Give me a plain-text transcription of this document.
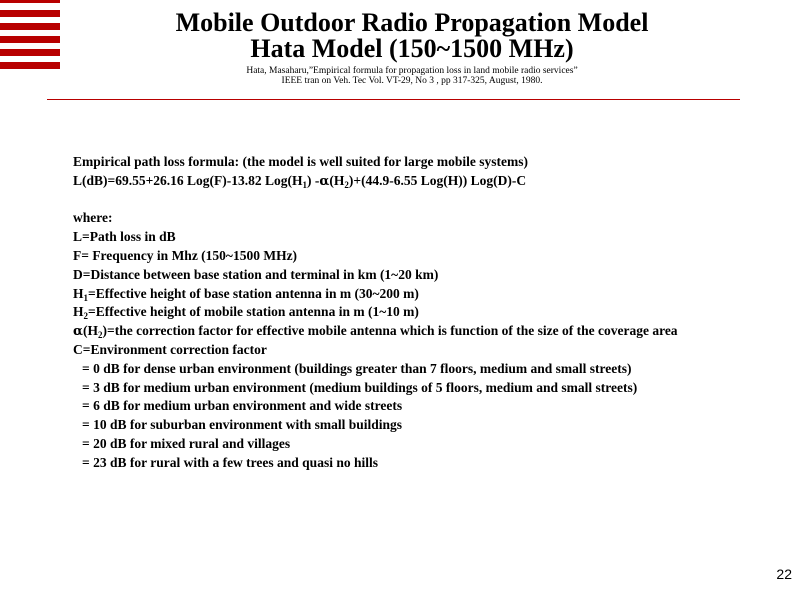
Mobile Outdoor Radio Propagation Model
Hata Model (150~1500 MHz)
Hata, Masaharu,”Empirical formula for propagation loss in land mobile radio services”
IEEE tran on Veh. Tec Vol. VT-29, No 3 , pp 317-325, August, 1980.
Empirical path loss formula: (the model is well suited for large mobile systems)
L(dB)=69.55+26.16 Log(F)-13.82 $Log(H_1)$ $-\alpha(H_2)+(44.9-6.55$ Log(H)) Log(D)-C
where:
L=Path loss in dB
F= Frequency in Mhz (150~1500 MHz)
D=Distance between base station and terminal in km (1~20 km)
$H_1=Effective$ height of base station antenna in m (30~200 m)
$H_2=Effective$ height of mobile station antenna in m (1~10 m)
$\alpha(H_2)=the$ correction factor for effective mobile antenna which is function of the size of the coverage area
C=Environment correction factor
= 0 dB for dense urban environment (buildings greater than 7 floors, medium and small streets)
= 3 dB for medium urban environment (medium buildings of 5 floors, medium and small streets)
= 6 dB for medium urban environment and wide streets
= 10 dB for suburban environment with small buildings
= 20 dB for mixed rural and villages
= 23 dB for rural with a few trees and quasi no hills
22
